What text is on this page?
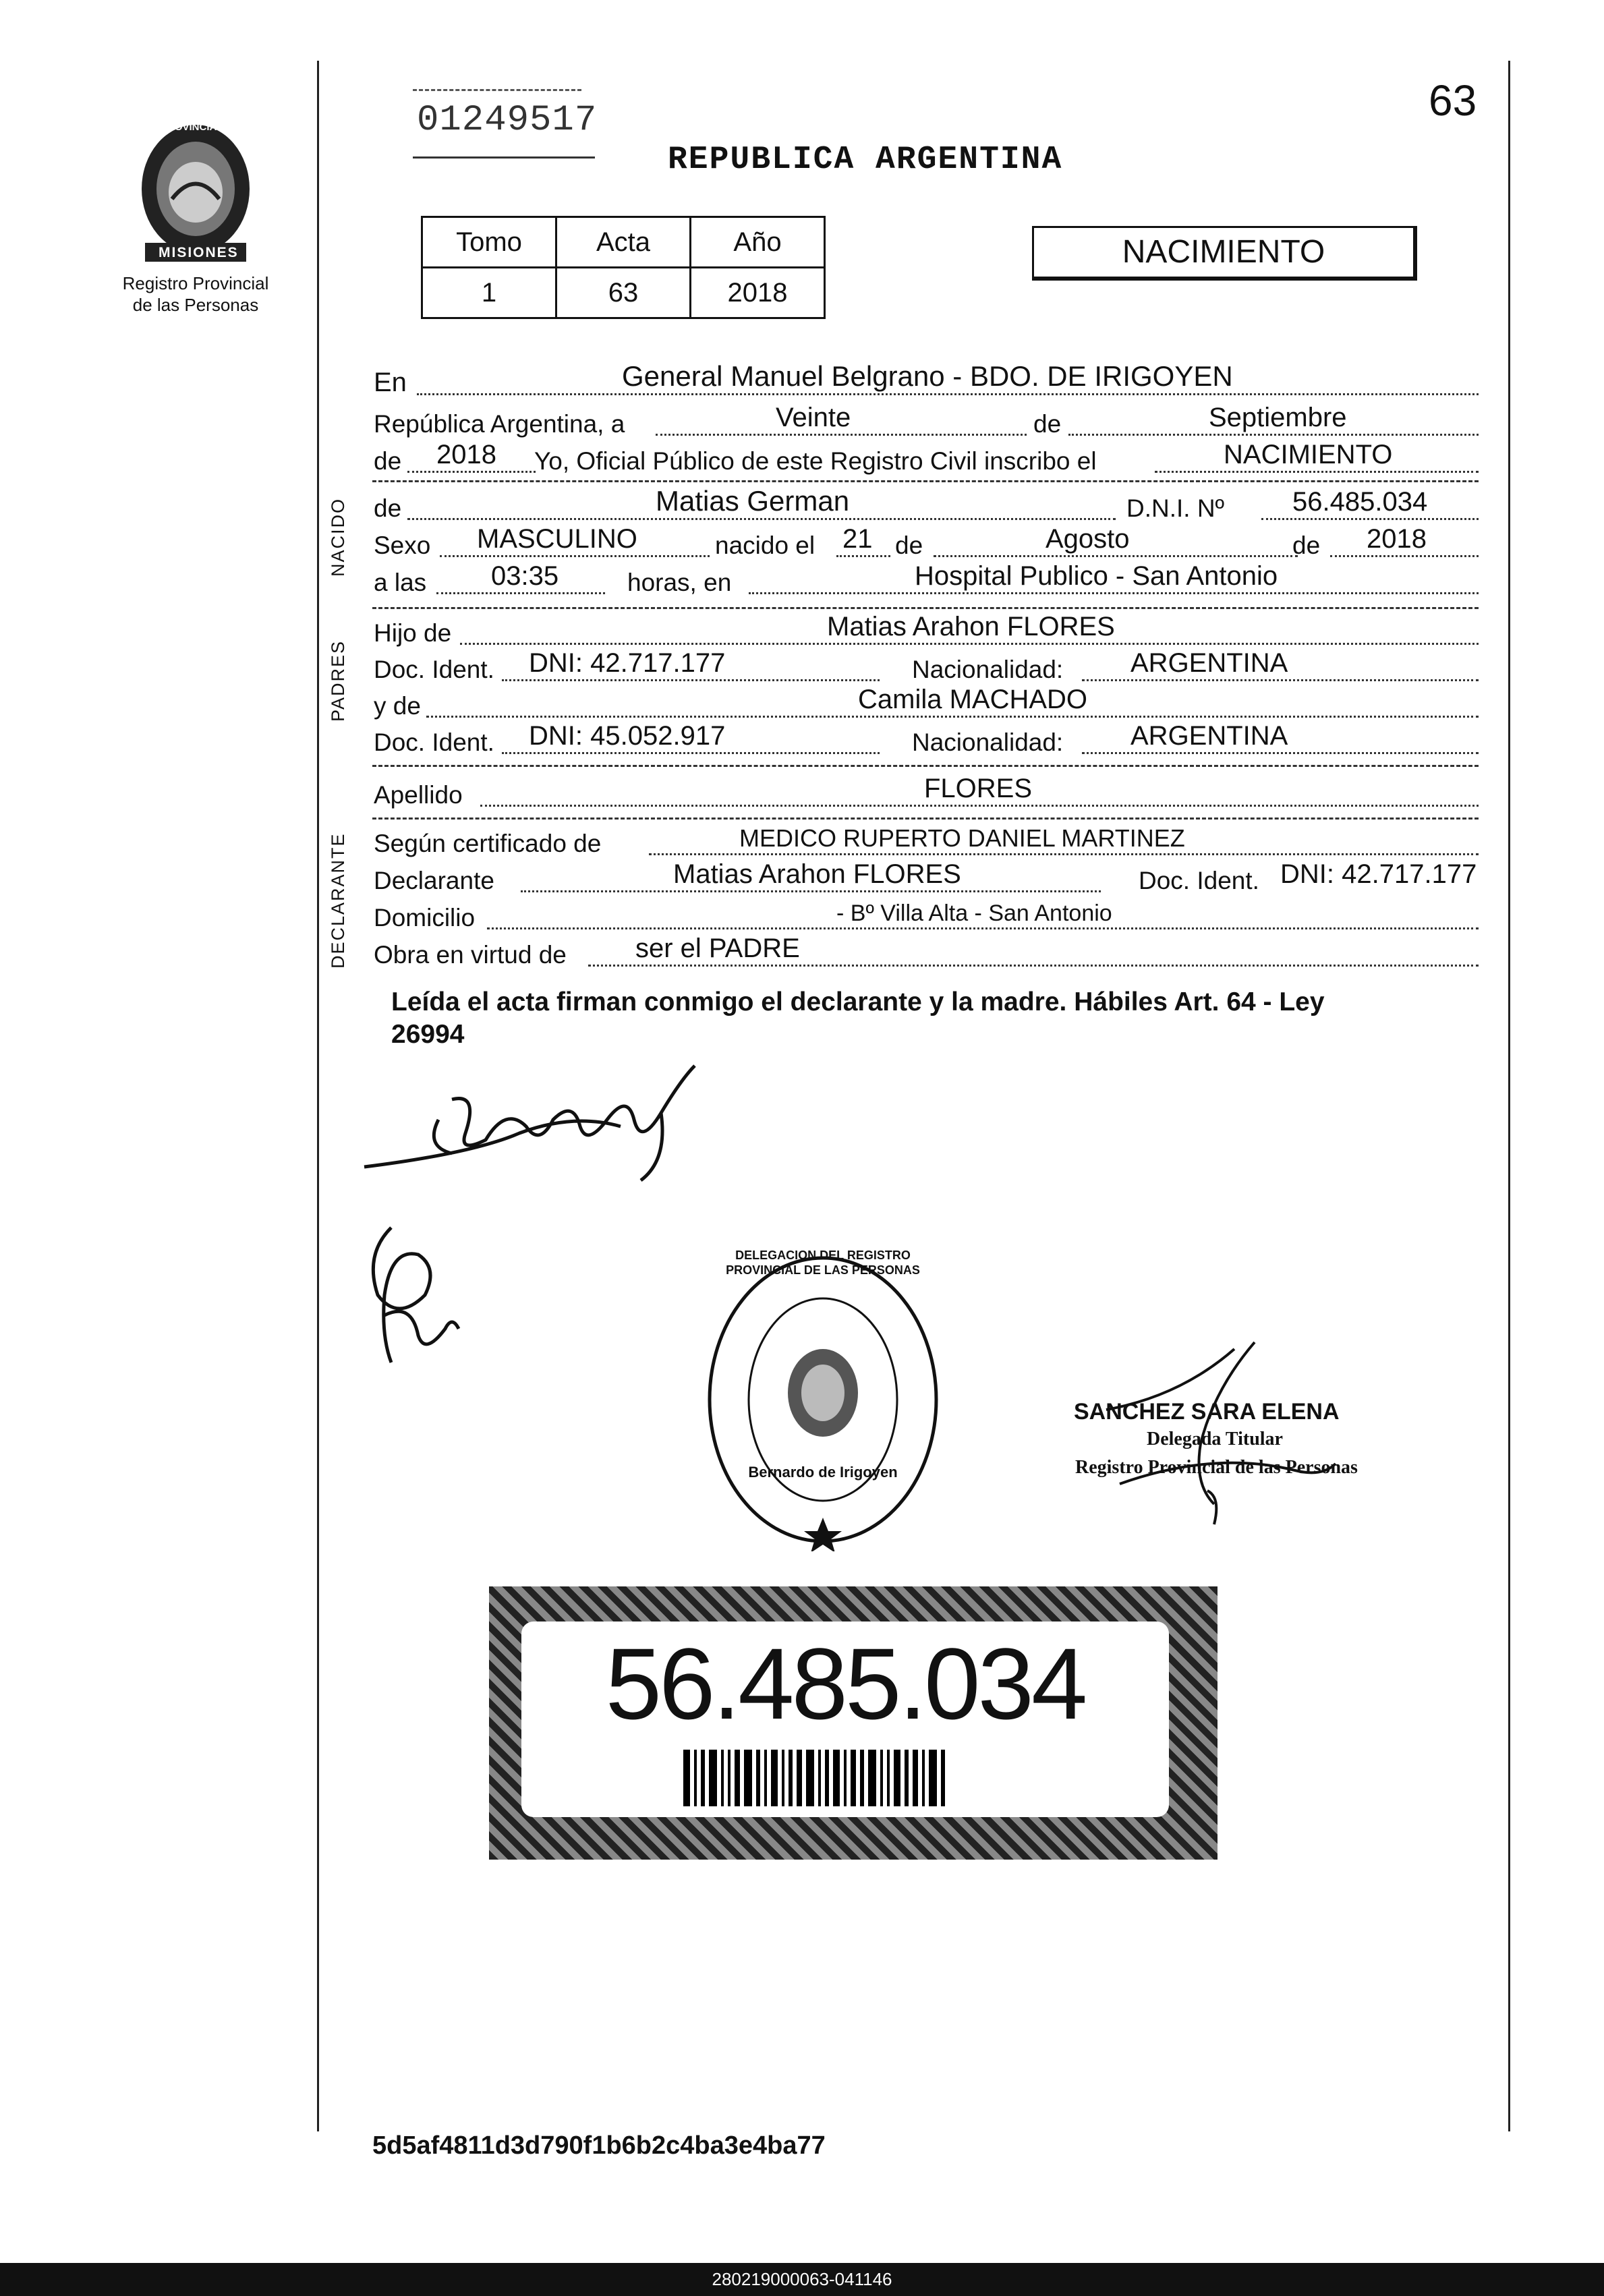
PROVINCIA DE
MISIONES
Registro Provincial
de las Personas
01249517	63
REPUBLICA ARGENTINA
Tomo	Acta	Año
1	63	2018
NACIMIENTO
En	General Manuel Belgrano - BDO. DE IRIGOYEN
República Argentina, a	Veinte	de	Septiembre
de 2018 Yo, Oficial Público de este Registro Civil inscribo el	NACIMIENTO
NACIDO de	Matias German	D.N.I. Nº	56.485.034
Sexo MASCULINO	nacido el 21 de	Agosto	de 2018
a las 03:35	horas, en	Hospital Publico - San Antonio
PADRES
Hijo de	Matias Arahon FLORES
Doc. Ident. DNI: 42.717.177	Nacionalidad: ARGENTINA
y de	Camila MACHADO
Doc. Ident. DNI: 45.052.917	Nacionalidad: ARGENTINA
Apellido	FLORES
DECLARANTE Según certificado de	MEDICO RUPERTO DANIEL MARTINEZ
Declarante	Matias Arahon FLORES	Doc. Ident. DNI: 42.717.177
Domicilio	- Bº Villa Alta - San Antonio
Obra en virtud de	ser el PADRE
Leída el acta firman conmigo el declarante y la madre. Hábiles Art. 64 - Ley
26994
DELEGACION DEL REGISTRO PROVINCIAL DE LAS PERSONAS
Bernardo de Irigoyen
SANCHEZ SARA ELENA
Delegada Titular
Registro Provincial de las Personas
56.485.034
5d5af4811d3d790f1b6b2c4ba3e4ba77
280219000063-041146
